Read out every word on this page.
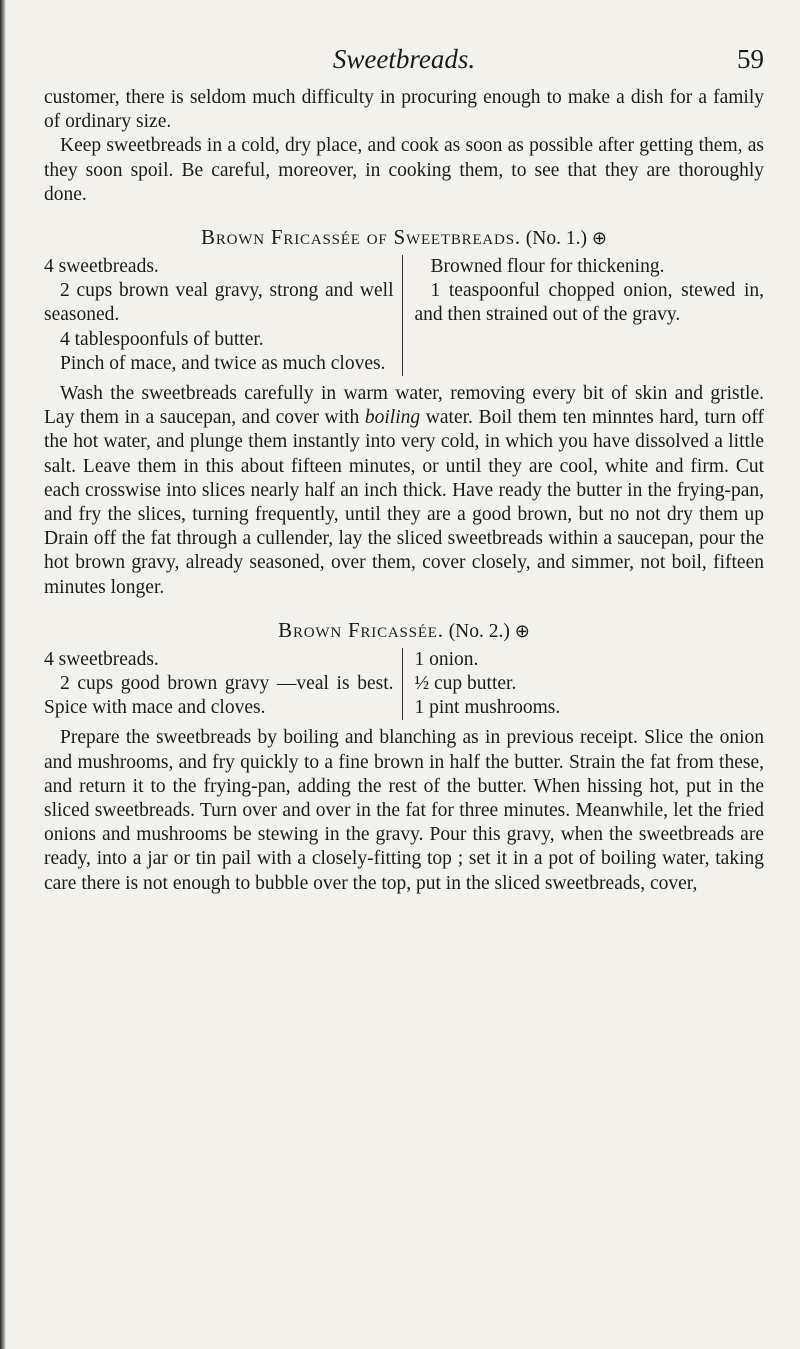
Sweetbreads.	59

customer, there is seldom much difficulty in procuring enough to make a dish for a family of ordinary size.

Keep sweetbreads in a cold, dry place, and cook as soon as possible after getting them, as they soon spoil. Be careful, moreover, in cooking them, to see that they are thoroughly done.

Brown Fricassée of Sweetbreads. (No. 1.) ⊕
4 sweetbreads.
2 cups brown veal gravy, strong and well seasoned.
4 tablespoonfuls of butter.
Pinch of mace, and twice as much cloves.
Browned flour for thickening.
1 teaspoonful chopped onion, stewed in, and then strained out of the gravy.

Wash the sweetbreads carefully in warm water, removing every bit of skin and gristle. Lay them in a saucepan, and cover with boiling water. Boil them ten minntes hard, turn off the hot water, and plunge them instantly into very cold, in which you have dissolved a little salt. Leave them in this about fifteen minutes, or until they are cool, white and firm. Cut each crosswise into slices nearly half an inch thick. Have ready the butter in the frying-pan, and fry the slices, turning frequently, until they are a good brown, but no not dry them up Drain off the fat through a cullender, lay the sliced sweetbreads within a saucepan, pour the hot brown gravy, already seasoned, over them, cover closely, and simmer, not boil, fifteen minutes longer.

Brown Fricassée. (No. 2.) ⊕
4 sweetbreads.
2 cups good brown gravy —veal is best. Spice with mace and cloves.
1 onion.
½ cup butter.
1 pint mushrooms.

Prepare the sweetbreads by boiling and blanching as in previous receipt. Slice the onion and mushrooms, and fry quickly to a fine brown in half the butter. Strain the fat from these, and return it to the frying-pan, adding the rest of the butter. When hissing hot, put in the sliced sweetbreads. Turn over and over in the fat for three minutes. Meanwhile, let the fried onions and mushrooms be stewing in the gravy. Pour this gravy, when the sweetbreads are ready, into a jar or tin pail with a closely-fitting top ; set it in a pot of boiling water, taking care there is not enough to bubble over the top, put in the sliced sweetbreads, cover,
